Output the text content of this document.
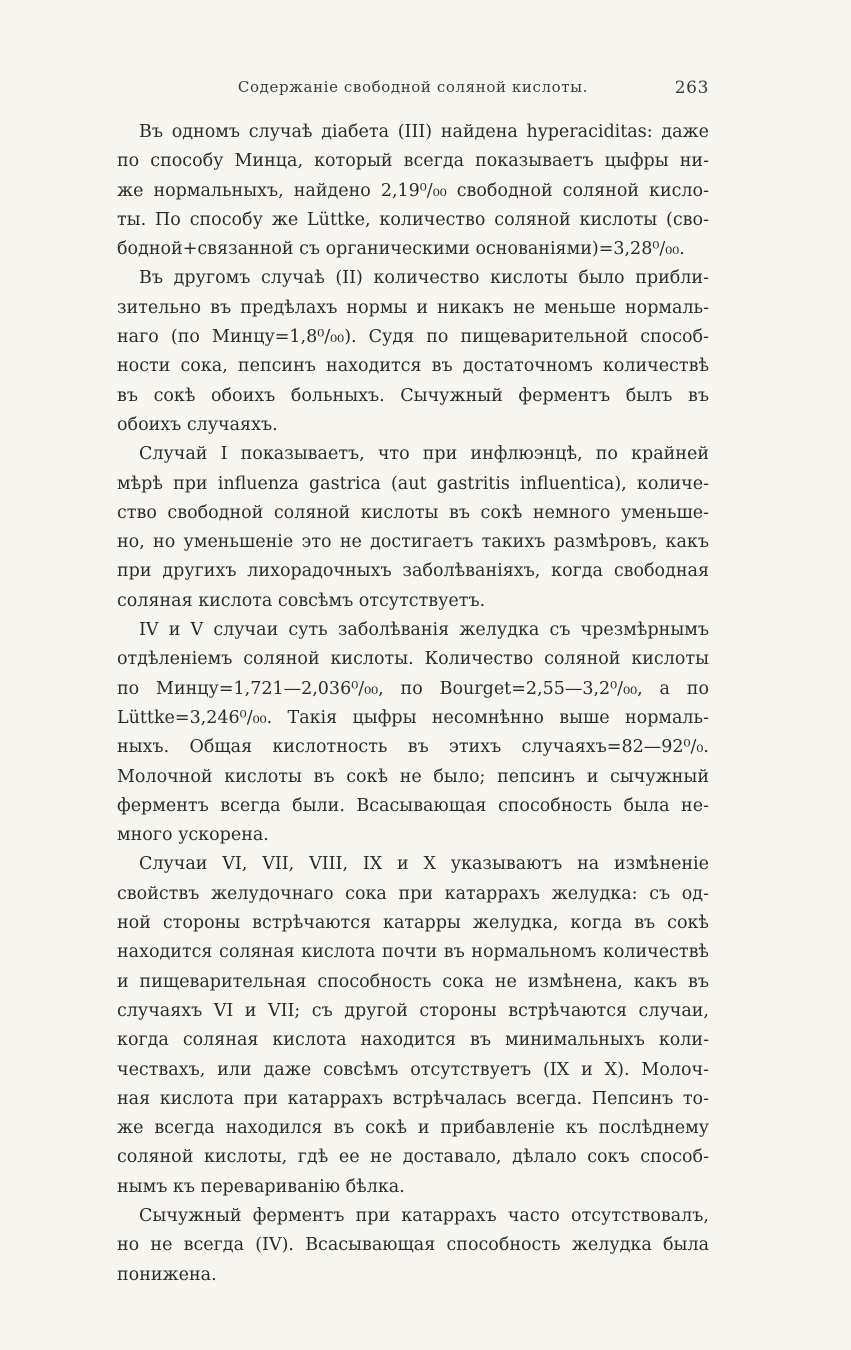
Содержаніе свободной соляной кислоты.	263
Въ одномъ случаѣ діабета (III) найдена hyperaciditas: даже
по способу Минца, который всегда показываетъ цыфры ни-
же нормальныхъ, найдено 2,19⁰/₀₀ свободной соляной кисло-
ты. По способу же Lüttke, количество соляной кислоты (сво-
бодной+связанной съ органическими основаніями)=3,28⁰/₀₀.
Въ другомъ случаѣ (II) количество кислоты было прибли-
зительно въ предѣлахъ нормы и никакъ не меньше нормаль-
наго (по Минцу=1,8⁰/₀₀). Судя по пищеварительной способ-
ности сока, пепсинъ находится въ достаточномъ количествѣ
въ сокѣ обоихъ больныхъ. Сычужный ферментъ былъ въ
обоихъ случаяхъ.
Случай I показываетъ, что при инфлюэнцѣ, по крайней
мѣрѣ при influenza gastrica (aut gastritis influentica), количе-
ство свободной соляной кислоты въ сокѣ немного уменьше-
но, но уменьшеніе это не достигаетъ такихъ размѣровъ, какъ
при другихъ лихорадочныхъ заболѣваніяхъ, когда свободная
соляная кислота совсѣмъ отсутствуетъ.
IV и V случаи суть заболѣванія желудка съ чрезмѣрнымъ
отдѣленіемъ соляной кислоты. Количество соляной кислоты
по Минцу=1,721—2,036⁰/₀₀, по Bourget=2,55—3,2⁰/₀₀, а по
Lüttke=3,246⁰/₀₀. Такія цыфры несомнѣнно выше нормаль-
ныхъ. Общая кислотность въ этихъ случаяхъ=82—92⁰/₀.
Молочной кислоты въ сокѣ не было; пепсинъ и сычужный
ферментъ всегда были. Всасывающая способность была не-
много ускорена.
Случаи VI, VII, VIII, IX и X указываютъ на измѣненіе
свойствъ желудочнаго сока при катаррахъ желудка: съ од-
ной стороны встрѣчаются катарры желудка, когда въ сокѣ
находится соляная кислота почти въ нормальномъ количествѣ
и пищеварительная способность сока не измѣнена, какъ въ
случаяхъ VI и VII; съ другой стороны встрѣчаются случаи,
когда соляная кислота находится въ минимальныхъ коли-
чествахъ, или даже совсѣмъ отсутствуетъ (IX и X). Молоч-
ная кислота при катаррахъ встрѣчалась всегда. Пепсинъ то-
же всегда находился въ сокѣ и прибавленіе къ послѣднему
соляной кислоты, гдѣ ее не доставало, дѣлало сокъ способ-
нымъ къ перевариванію бѣлка.
Сычужный ферментъ при катаррахъ часто отсутствовалъ,
но не всегда (IV). Всасывающая способность желудка была
понижена.
